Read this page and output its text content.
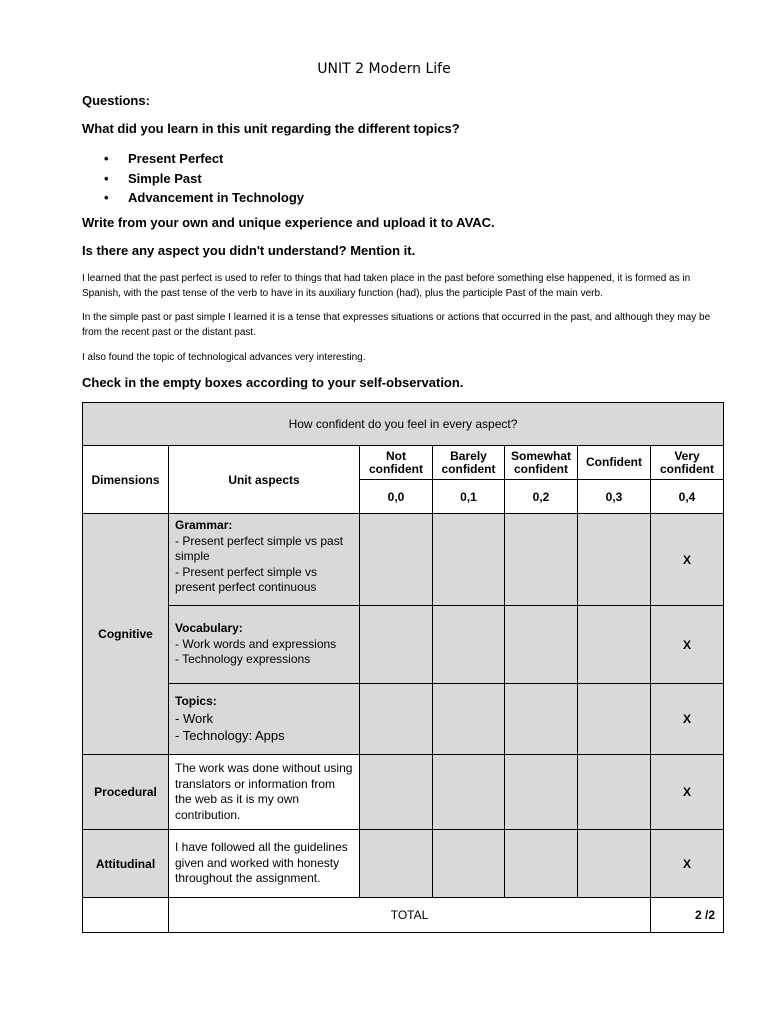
UNIT 2 Modern Life
Questions:
What did you learn in this unit regarding the different topics?
• Present Perfect
• Simple Past
• Advancement in Technology
Write from your own and unique experience and upload it to AVAC.
Is there any aspect you didn't understand? Mention it.
I learned that the past perfect is used to refer to things that had taken place in the past before something else happened, it is formed as in Spanish, with the past tense of the verb to have in its auxiliary function (had), plus the participle Past of the main verb.
In the simple past or past simple I learned it is a tense that expresses situations or actions that occurred in the past, and although they may be from the recent past or the distant past.
I also found the topic of technological advances very interesting.
Check in the empty boxes according to your self-observation.
How confident do you feel in every aspect?						
Dimensions	Unit aspects	Not confident	Barely confident	Somewhat confident	Confident	Very confident
		0,0	0,1	0,2	0,3	0,4
Cognitive	Grammar:
- Present perfect simple vs past simple
- Present perfect simple vs present perfect continuous					X

	Vocabulary:
- Work words and expressions
- Technology expressions					X

	Topics:
- Work
- Technology: Apps					X
Procedural	The work was done without using translators or information from the web as it is my own contribution.					X
Attitudinal	I have followed all the guidelines given and worked with honesty throughout the assignment.					X
	TOTAL					2 /2
